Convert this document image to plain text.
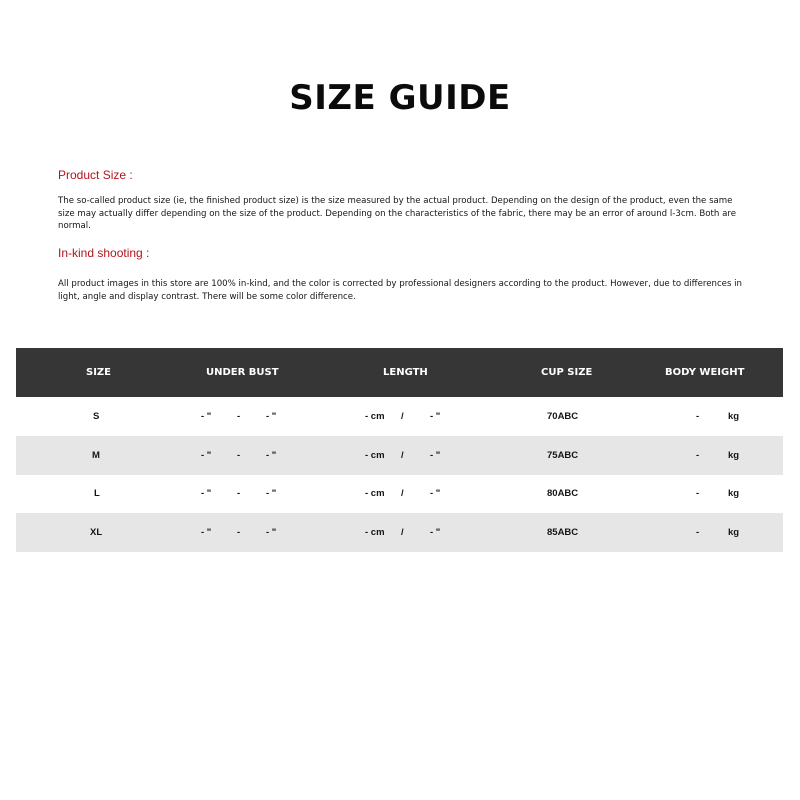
SIZE GUIDE
Product Size :
The so-called product size (ie, the finished product size) is the size measured by the actual product. Depending on the design of the product, even the same size may actually differ depending on the size of the product. Depending on the characteristics of the fabric, there may be an error of around l-3cm. Both are normal.
In-kind shooting :
All product images in this store are 100% in-kind, and the color is corrected by professional designers according to the product. However, due to differences in light, angle and display contrast. There will be some color difference.
SIZE	UNDER BUST	LENGTH	CUP SIZE	BODY WEIGHT
S	- "	-	- "	- cm /	- "	70ABC	-	kg
M	- "	-	- "	- cm /	- "	75ABC	-	kg
L	- "	-	- "	- cm /	- "	80ABC	-	kg
XL	- "	-	- "	- cm /	- "	85ABC	-	kg
